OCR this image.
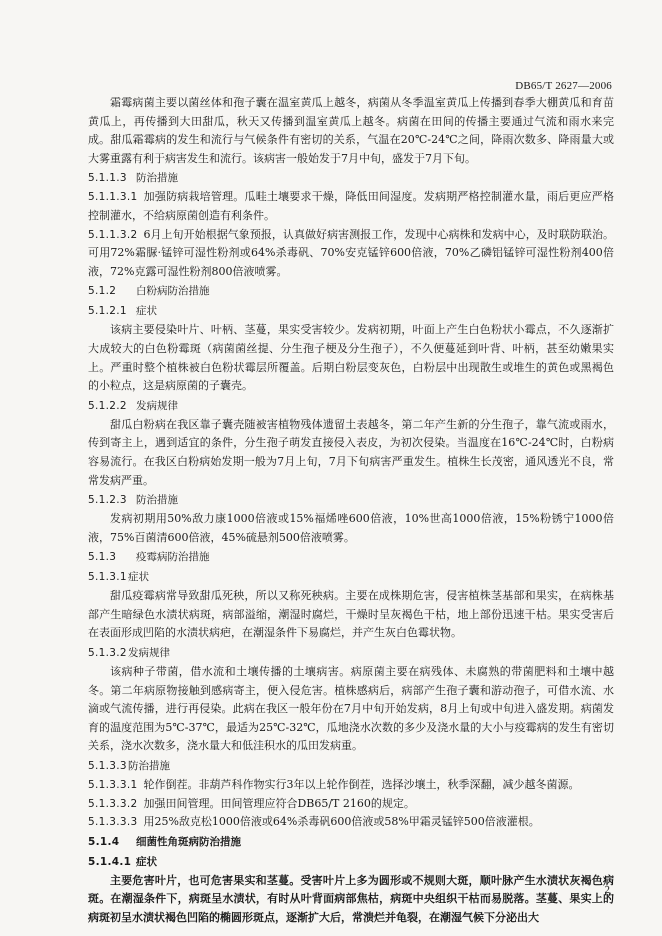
DB65/T 2627—2006

霜霉病菌主要以菌丝体和孢子囊在温室黄瓜上越冬，病菌从冬季温室黄瓜上传播到春季大棚黄瓜和育苗黄瓜上，再传播到大田甜瓜，秋天又传播到温室黄瓜上越冬。病菌在田间的传播主要通过气流和雨水来完成。甜瓜霜霉病的发生和流行与气候条件有密切的关系，气温在20℃-24℃之间，降雨次数多、降雨量大或大雾重露有利于病害发生和流行。该病害一般始发于7月中旬，盛发于7月下旬。

5.1.1.3 防治措施

5.1.1.3.1 加强防病栽培管理。瓜畦土壤要求干燥，降低田间湿度。发病期严格控制灌水量，雨后更应严格控制灌水，不给病原菌创造有利条件。

5.1.1.3.2 6月上旬开始根据气象预报，认真做好病害测报工作，发现中心病株和发病中心，及时联防联治。可用72%霜脲·锰锌可湿性粉剂或64%杀毒矾、70%安克锰锌600倍液，70%乙磷铝锰锌可湿性粉剂400倍液，72%克露可湿性粉剂800倍液喷雾。

5.1.2 白粉病防治措施
5.1.2.1 症状

该病主要侵染叶片、叶柄、茎蔓，果实受害较少。发病初期，叶面上产生白色粉状小霉点，不久逐渐扩大成较大的白色粉霉斑（病菌菌丝提、分生孢子梗及分生孢子），不久便蔓延到叶背、叶柄，甚至幼嫩果实上。严重时整个植株被白色粉状霉层所覆盖。后期白粉层变灰色，白粉层中出现散生或堆生的黄色或黑褐色的小粒点，这是病原菌的子囊壳。

5.1.2.2 发病规律

甜瓜白粉病在我区靠子囊壳随被害植物残体遗留土表越冬，第二年产生新的分生孢子，靠气流或雨水，传到寄主上，遇到适宜的条件，分生孢子萌发直接侵入表皮，为初次侵染。当温度在16℃-24℃时，白粉病容易流行。在我区白粉病始发期一般为7月上旬，7月下旬病害严重发生。植株生长茂密，通风透光不良，常常发病严重。

5.1.2.3 防治措施

发病初期用50%敌力康1000倍液或15%福烯唑600倍液，10%世高1000倍液，15%粉锈宁1000倍液，75%百菌清600倍液，45%硫悬剂500倍液喷雾。

5.1.3 疫霉病防治措施
5.1.3.1症状

甜瓜疫霉病常导致甜瓜死秧，所以又称死秧病。主要在成株期危害，侵害植株茎基部和果实，在病株基部产生暗绿色水渍状病斑，病部溢缩，潮湿时腐烂，干燥时呈灰褐色干枯，地上部份迅速干枯。果实受害后在表面形成凹陷的水渍状病疤，在潮湿条件下易腐烂，并产生灰白色霉状物。

5.1.3.2发病规律

该病种子带菌，借水流和土壤传播的土壤病害。病原菌主要在病残体、未腐熟的带菌肥料和土壤中越冬。第二年病原物接触到感病寄主，便入侵危害。植株感病后，病部产生孢子囊和游动孢子，可借水流、水滴或气流传播，进行再侵染。此病在我区一般年份在7月中旬开始发病，8月上旬或中旬进入盛发期。病菌发育的温度范围为5℃-37℃，最适为25℃-32℃，瓜地浇水次数的多少及浇水量的大小与疫霉病的发生有密切关系，浇水次数多，浇水量大和低洼积水的瓜田发病重。

5.1.3.3防治措施

5.1.3.3.1 轮作倒茬。非葫芦科作物实行3年以上轮作倒茬，选择沙壤土，秋季深翻，减少越冬菌源。

5.1.3.3.2 加强田间管理。田间管理应符合DB65/T 2160的规定。

5.1.3.3.3 用25%敌克松1000倍液或64%杀毒矾600倍液或58%甲霜灵锰锌500倍液灌根。

5.1.4 细菌性角斑病防治措施
5.1.4.1 症状

主要危害叶片，也可危害果实和茎蔓。受害叶片上多为圆形或不规则大斑，顺叶脉产生水渍状灰褐色病斑。在潮湿条件下，病斑呈水渍状，有时从叶背面病部焦枯，病斑中央组织干枯而易脱落。茎蔓、果实上的病斑初呈水渍状褐色凹陷的椭圆形斑点，逐渐扩大后，常溃烂并龟裂，在潮湿气候下分泌出大

2
